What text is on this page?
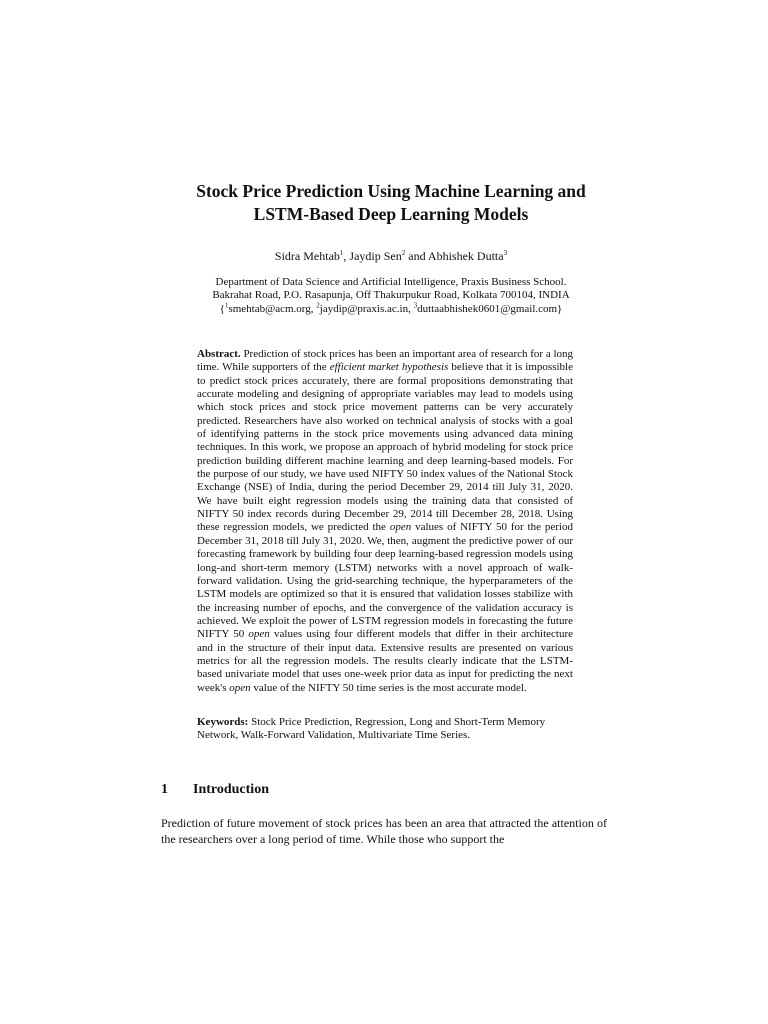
Stock Price Prediction Using Machine Learning and
LSTM-Based Deep Learning Models
Sidra Mehtab$^1$, Jaydip Sen$^2$ and Abhishek Dutta$^3$
Department of Data Science and Artificial Intelligence, Praxis Business School.
Bakrahat Road, P.O. Rasapunja, Off Thakurpukur Road, Kolkata 700104, INDIA
{$^1$smehtab@acm.org, $^2$jaydip@praxis.ac.in, $^3$duttaabhishek0601@gmail.com}
Abstract. Prediction of stock prices has been an important area of research for a long time. While supporters of the efficient market hypothesis believe that it is impossible to predict stock prices accurately, there are formal propositions demonstrating that accurate modeling and designing of appropriate variables may lead to models using which stock prices and stock price movement patterns can be very accurately predicted. Researchers have also worked on technical analysis of stocks with a goal of identifying patterns in the stock price movements using advanced data mining techniques. In this work, we propose an approach of hybrid modeling for stock price prediction building different machine learning and deep learning-based models. For the purpose of our study, we have used NIFTY 50 index values of the National Stock Exchange (NSE) of India, during the period December 29, 2014 till July 31, 2020. We have built eight regression models using the training data that consisted of NIFTY 50 index records during December 29, 2014 till December 28, 2018. Using these regression models, we predicted the open values of NIFTY 50 for the period December 31, 2018 till July 31, 2020. We, then, augment the predictive power of our forecasting framework by building four deep learning-based regression models using long-and short-term memory (LSTM) networks with a novel approach of walk-forward validation. Using the grid-searching technique, the hyperparameters of the LSTM models are optimized so that it is ensured that validation losses stabilize with the increasing number of epochs, and the convergence of the validation accuracy is achieved. We exploit the power of LSTM regression models in forecasting the future NIFTY 50 open values using four different models that differ in their architecture and in the structure of their input data. Extensive results are presented on various metrics for all the regression models. The results clearly indicate that the LSTM-based univariate model that uses one-week prior data as input for predicting the next week's open value of the NIFTY 50 time series is the most accurate model.
Keywords: Stock Price Prediction, Regression, Long and Short-Term Memory Network, Walk-Forward Validation, Multivariate Time Series.
1 Introduction
Prediction of future movement of stock prices has been an area that attracted the attention of the researchers over a long period of time. While those who support the
